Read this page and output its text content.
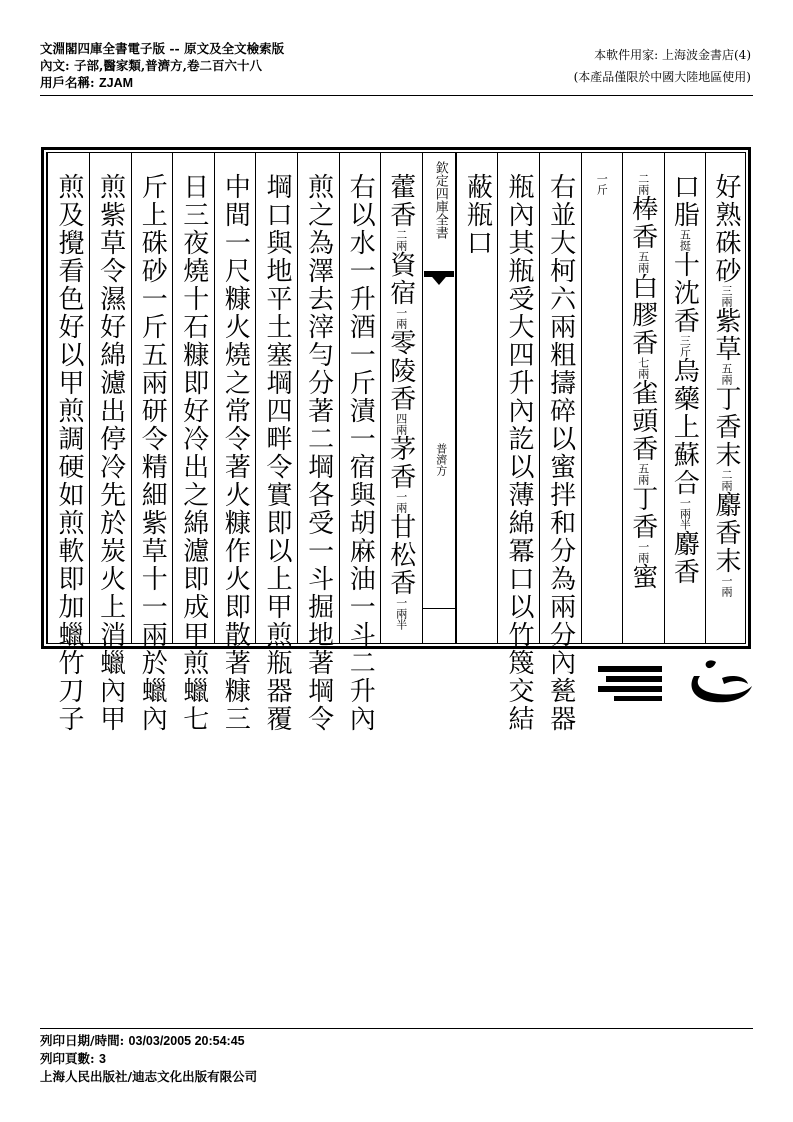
文淵閣四庫全書電子版 -- 原文及全文檢索版
內文: 子部,醫家類,普濟方,卷二百六十八
用戶名稱: ZJAM
本軟件用家: 上海波金書店(4)
(本產品僅限於中國大陸地區使用)
好熟硃砂三兩紫草五兩丁香末二兩麝香末一兩
口脂五挺十沈香三斤烏藥上蘇合一兩半麝香
二兩棒香五兩白膠香七兩雀頭香五兩丁香一兩蜜
一斤
右並大柯六兩粗擣碎以蜜拌和分為兩分內甆器
瓶內其瓶受大四升內訖以薄綿冪口以竹篾交結
蔽瓶口
欽定四庫全書
普濟方
藿香二兩資宿一兩零陵香四兩茅香一兩甘松香一兩半
右以水一升酒一斤漬一宿與胡麻油一斗二升內
煎之為澤去滓勻分著二堈各受一斗掘地著堈令
堈口與地平土塞堈四畔令實即以上甲煎瓶器覆
中間一尺糠火燒之常令著火糠作火即散著糠三
日三夜燒十石糠即好冷出之綿濾即成甲煎蠟七
斤上硃砂一斤五兩研令精細紫草十一兩於蠟內
煎紫草令濕好綿濾出停冷先於炭火上消蠟內甲
煎及攪看色好以甲煎調硬如煎軟即加蠟竹刀子
列印日期/時間: 03/03/2005 20:54:45
列印頁數: 3
上海人民出版社/迪志文化出版有限公司
